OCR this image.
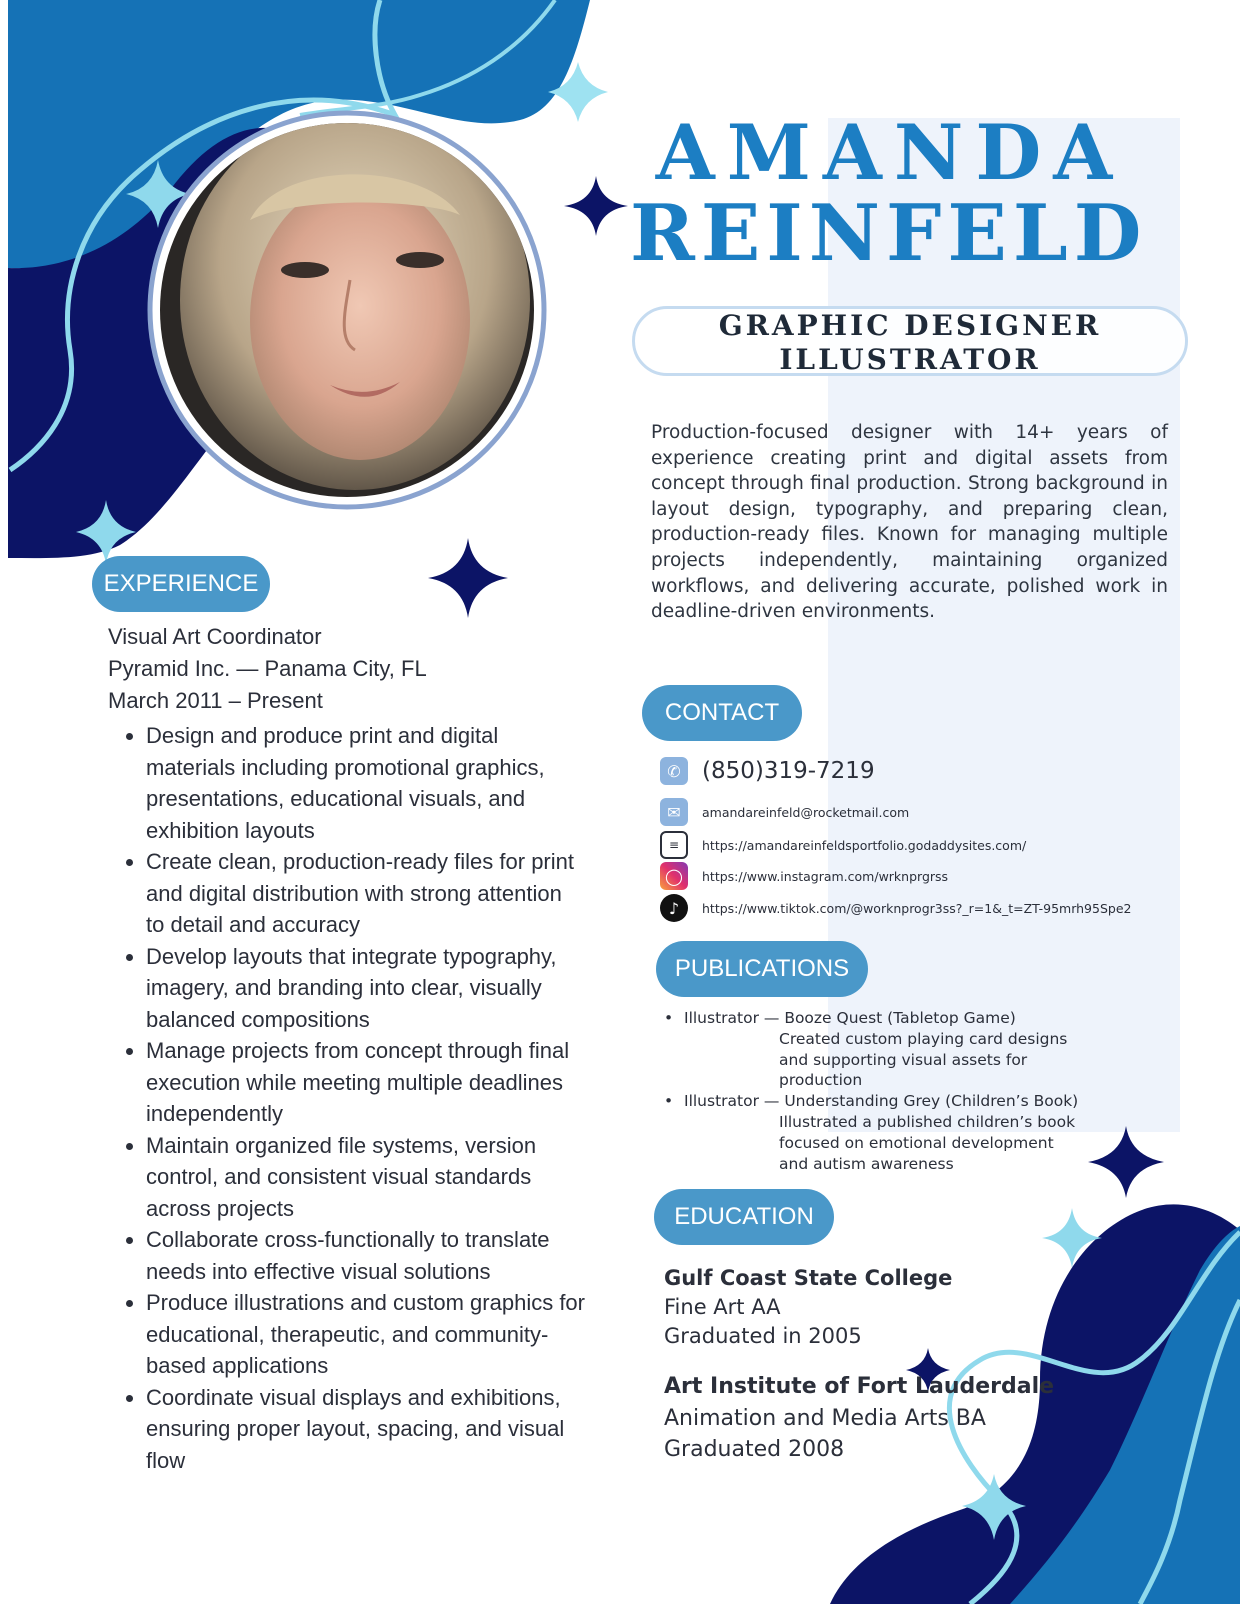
AMANDA
REINFELD
GRAPHIC DESIGNER
ILLUSTRATOR
Production-focused designer with 14+ years of experience creating print and digital assets from concept through final production. Strong background in layout design, typography, and preparing clean, production-ready files. Known for managing multiple projects independently, maintaining organized workflows, and delivering accurate, polished work in deadline-driven environments.
EXPERIENCE
Visual Art Coordinator
Pyramid Inc. — Panama City, FL
March 2011 – Present
• Design and produce print and digital materials including promotional graphics, presentations, educational visuals, and exhibition layouts
• Create clean, production-ready files for print and digital distribution with strong attention to detail and accuracy
• Develop layouts that integrate typography, imagery, and branding into clear, visually balanced compositions
• Manage projects from concept through final execution while meeting multiple deadlines independently
• Maintain organized file systems, version control, and consistent visual standards across projects
• Collaborate cross-functionally to translate needs into effective visual solutions
• Produce illustrations and custom graphics for educational, therapeutic, and community-based applications
• Coordinate visual displays and exhibitions, ensuring proper layout, spacing, and visual flow
CONTACT
✆ (850)319-7219
✉	amandareinfeld@rocketmail.com
≡	https://amandareinfeldsportfolio.godaddysites.com/
◯	https://www.instagram.com/wrknprgrss
♪	https://www.tiktok.com/@worknprogr3ss?_r=1&_t=ZT-95mrh95Spe2
PUBLICATIONS
• Illustrator — Booze Quest (Tabletop Game)
Created custom playing card designs and supporting visual assets for production
• Illustrator — Understanding Grey (Children’s Book)
Illustrated a published children’s book focused on emotional development and autism awareness
EDUCATION
Gulf Coast State College
Fine Art AA
Graduated in 2005
Art Institute of Fort Lauderdale
Animation and Media Arts BA
Graduated 2008
